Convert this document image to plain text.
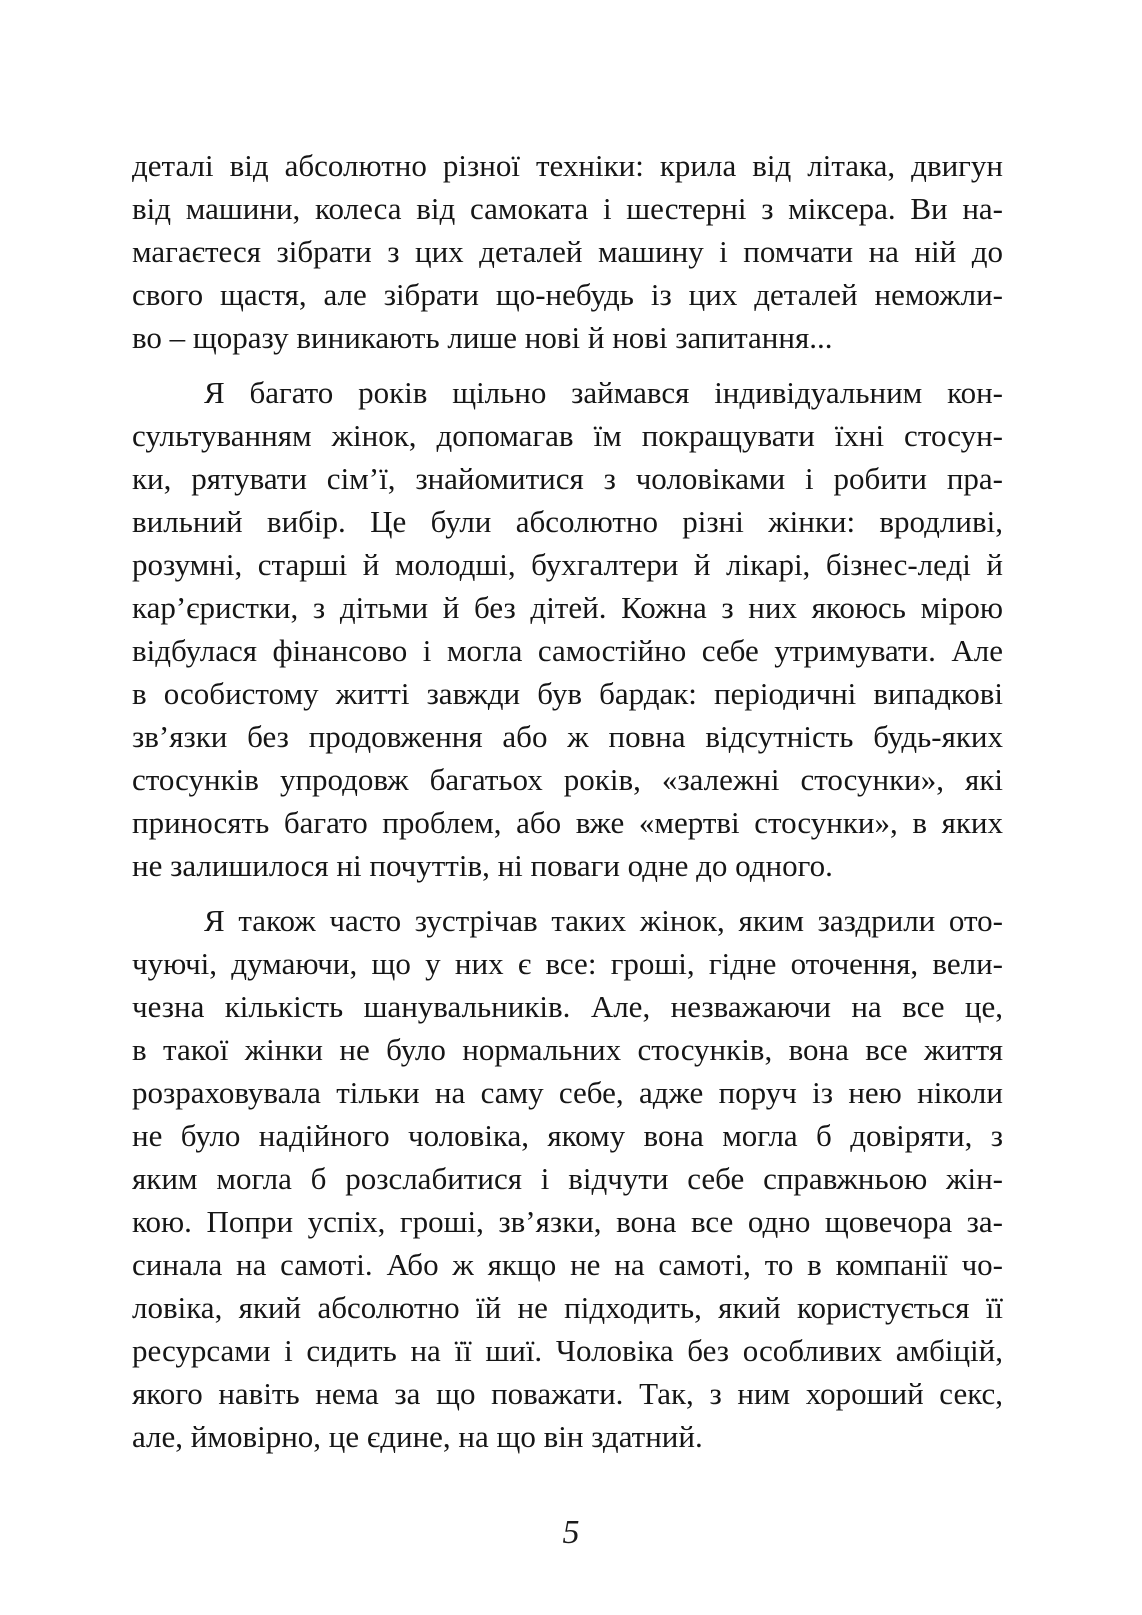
деталі від абсолютно різної техніки: крила від літака, двигун
від машини, колеса від самоката і шестерні з міксера. Ви на-
магаєтеся зібрати з цих деталей машину і помчати на ній до
свого щастя, але зібрати що-небудь із цих деталей неможли-
во – щоразу виникають лише нові й нові запитання...

Я багато років щільно займався індивідуальним кон-
сультуванням жінок, допомагав їм покращувати їхні стосун-
ки, рятувати сім’ї, знайомитися з чоловіками і робити пра-
вильний вибір. Це були абсолютно різні жінки: вродливі,
розумні, старші й молодші, бухгалтери й лікарі, бізнес-леді й
кар’єристки, з дітьми й без дітей. Кожна з них якоюсь мірою
відбулася фінансово і могла самостійно себе утримувати. Але
в особистому житті завжди був бардак: періодичні випадкові
зв’язки без продовження або ж повна відсутність будь-яких
стосунків упродовж багатьох років, «залежні стосунки», які
приносять багато проблем, або вже «мертві стосунки», в яких
не залишилося ні почуттів, ні поваги одне до одного.

Я також часто зустрічав таких жінок, яким заздрили ото-
чуючі, думаючи, що у них є все: гроші, гідне оточення, вели-
чезна кількість шанувальників. Але, незважаючи на все це,
в такої жінки не було нормальних стосунків, вона все життя
розраховувала тільки на саму себе, адже поруч із нею ніколи
не було надійного чоловіка, якому вона могла б довіряти, з
яким могла б розслабитися і відчути себе справжньою жін-
кою. Попри успіх, гроші, зв’язки, вона все одно щовечора за-
синала на самоті. Або ж якщо не на самоті, то в компанії чо-
ловіка, який абсолютно їй не підходить, який користується її
ресурсами і сидить на її шиї. Чоловіка без особливих амбіцій,
якого навіть нема за що поважати. Так, з ним хороший секс,
але, ймовірно, це єдине, на що він здатний.

5
